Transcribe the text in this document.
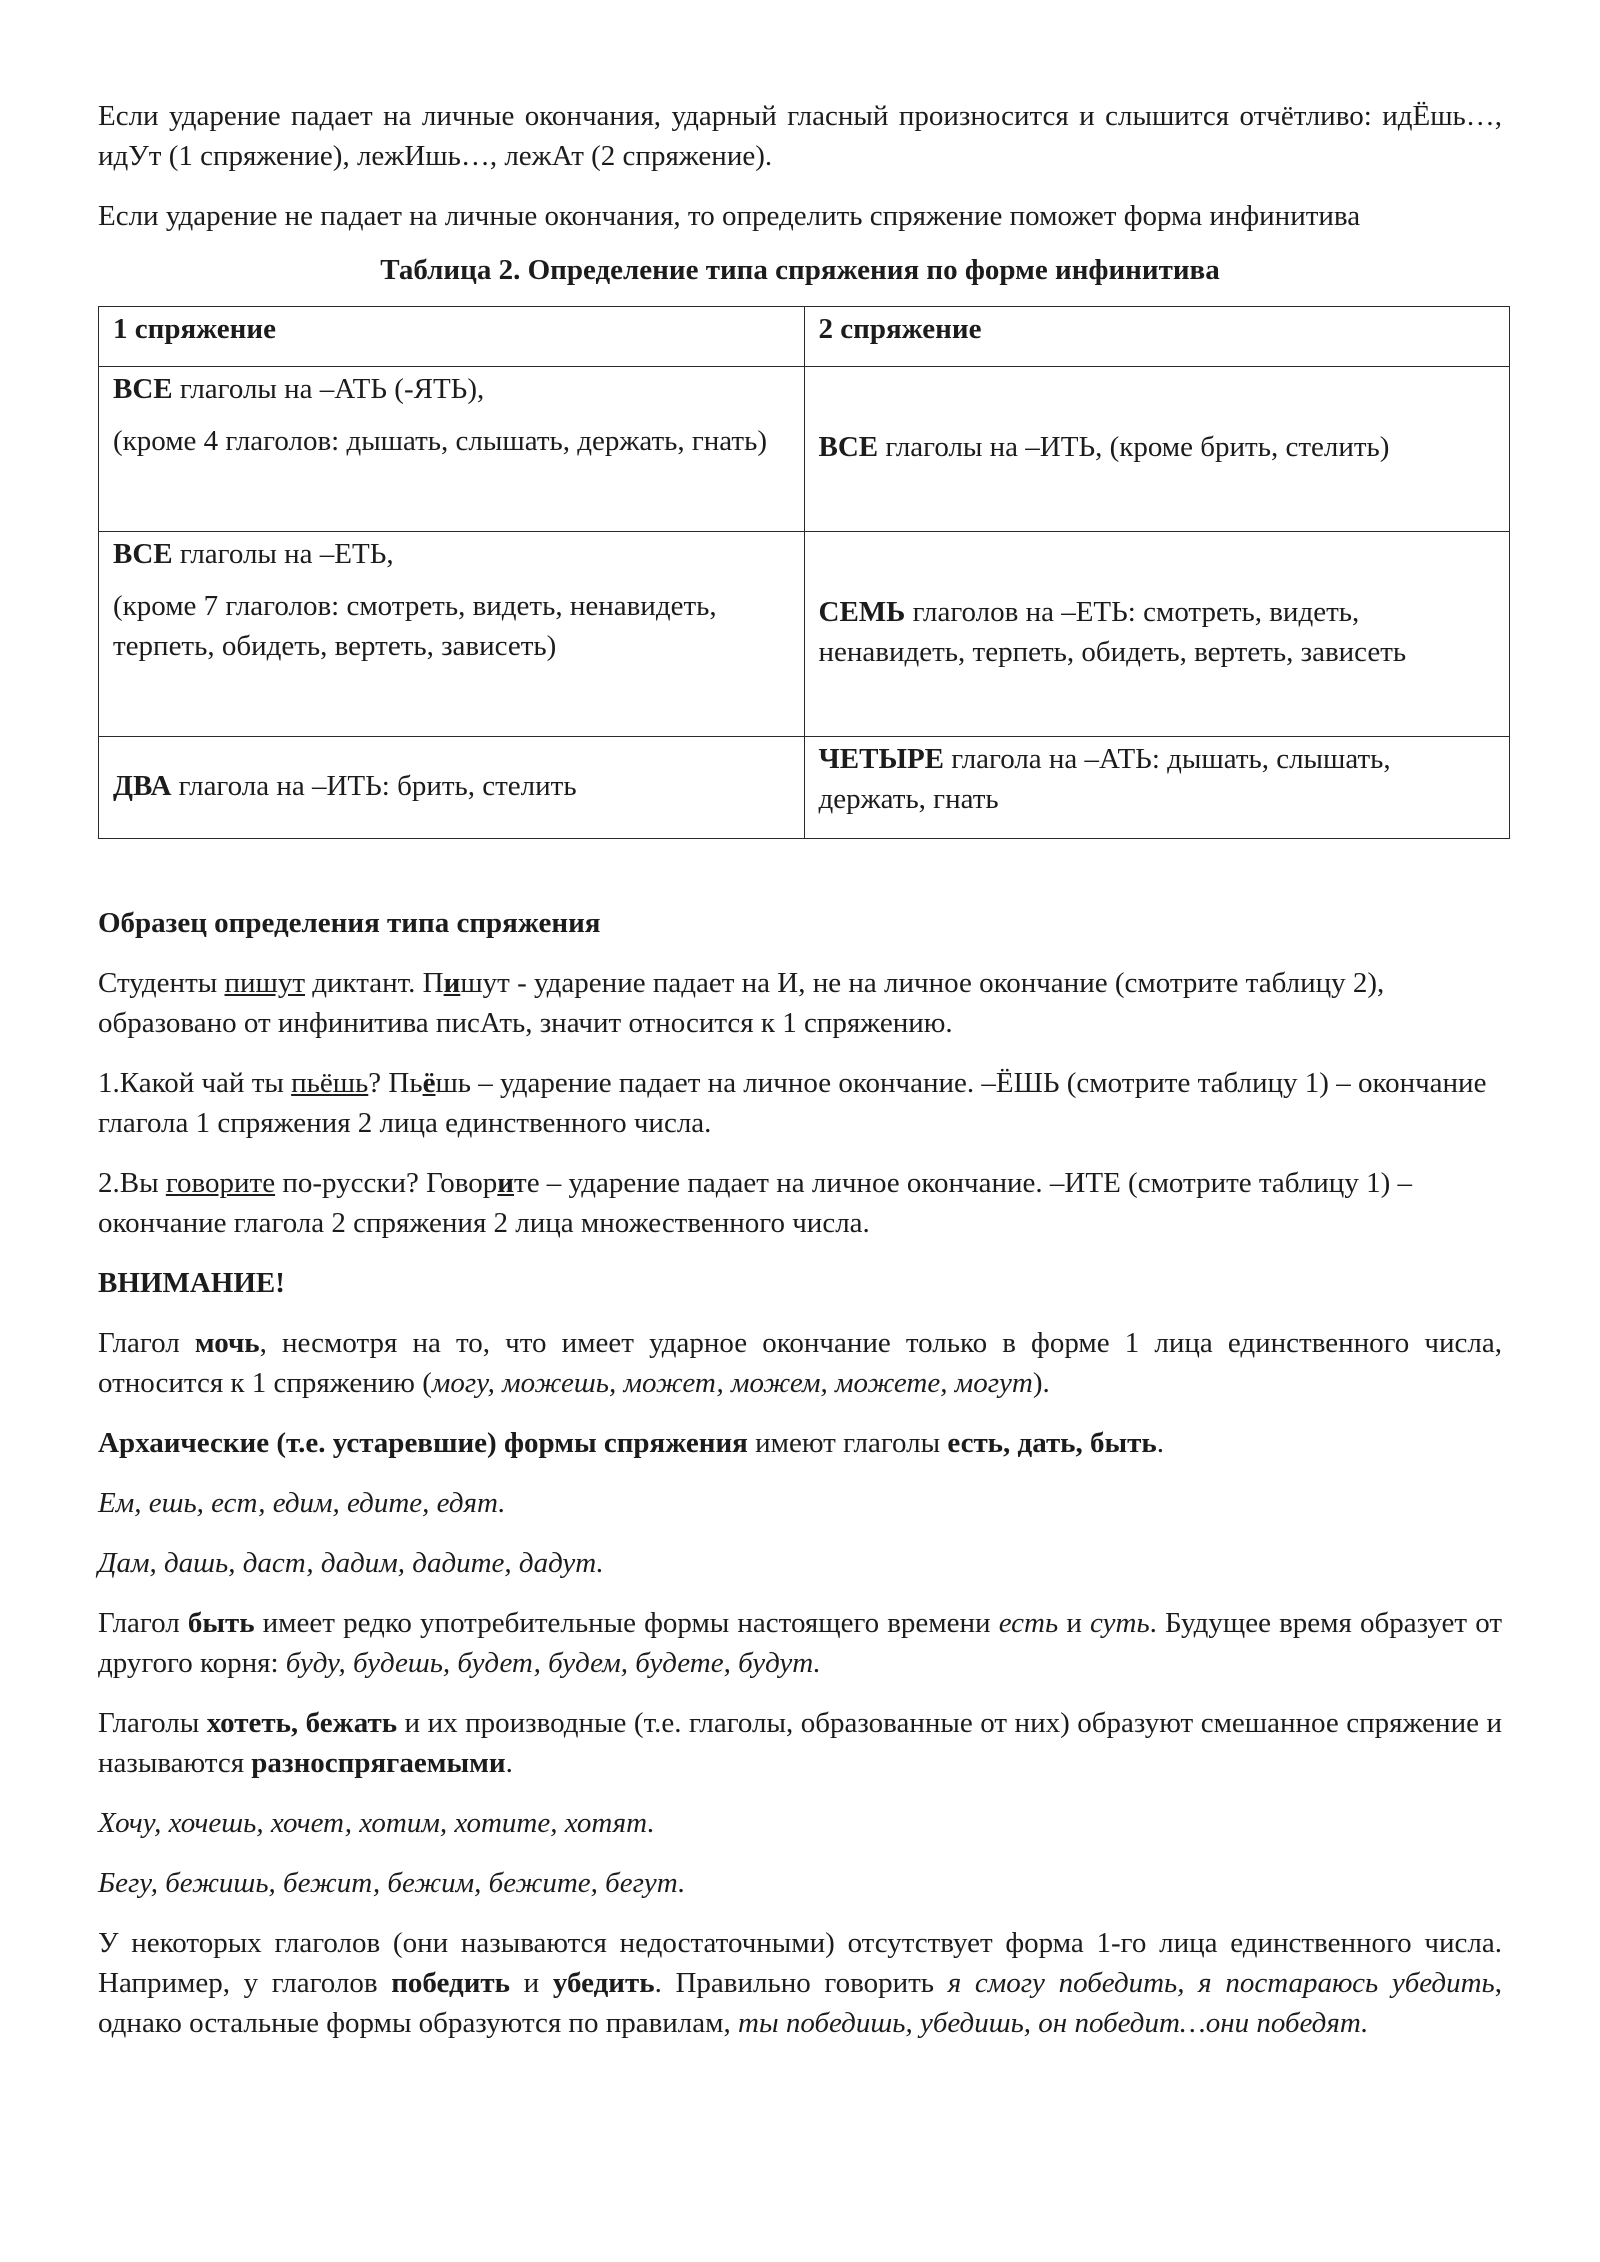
Если ударение падает на личные окончания, ударный гласный произносится и слышится отчётливо: идЁшь…, идУт (1 спряжение), лежИшь…, лежАт (2 спряжение).

Если ударение не падает на личные окончания, то определить спряжение поможет форма инфинитива

Таблица 2. Определение типа спряжения по форме инфинитива

1 спряжение	2 спряжение

ВСЕ глаголы на –АТЬ (-ЯТЬ),
(кроме 4 глаголов: дышать, слышать, держать, гнать)	ВСЕ глаголы на –ИТЬ, (кроме брить, стелить)

ВСЕ глаголы на –ЕТЬ,
(кроме 7 глаголов: смотреть, видеть, ненавидеть, терпеть, обидеть, вертеть, зависеть)	СЕМЬ глаголов на –ЕТЬ: смотреть, видеть, ненавидеть, терпеть, обидеть, вертеть, зависеть
ДВА глагола на –ИТЬ: брить, стелить	ЧЕТЫРЕ глагола на –АТЬ: дышать, слышать, держать, гнать

Образец определения типа спряжения

Студенты пишут диктант. Пишут - ударение падает на И, не на личное окончание (смотрите таблицу 2), образовано от инфинитива писАть, значит относится к 1 спряжению.

1.Какой чай ты пьёшь? Пьёшь – ударение падает на личное окончание. –ЁШЬ (смотрите таблицу 1) – окончание глагола 1 спряжения 2 лица единственного числа.

2.Вы говорите по-русски? Говорите – ударение падает на личное окончание. –ИТЕ (смотрите таблицу 1) – окончание глагола 2 спряжения 2 лица множественного числа.

ВНИМАНИЕ!

Глагол мочь, несмотря на то, что имеет ударное окончание только в форме 1 лица единственного числа, относится к 1 спряжению (могу, можешь, может, можем, можете, могут).

Архаические (т.е. устаревшие) формы спряжения имеют глаголы есть, дать, быть.

Ем, ешь, ест, едим, едите, едят.

Дам, дашь, даст, дадим, дадите, дадут.

Глагол быть имеет редко употребительные формы настоящего времени есть и суть. Будущее время образует от другого корня: буду, будешь, будет, будем, будете, будут.

Глаголы хотеть, бежать и их производные (т.е. глаголы, образованные от них) образуют смешанное спряжение и называются разноспрягаемыми.

Хочу, хочешь, хочет, хотим, хотите, хотят.

Бегу, бежишь, бежит, бежим, бежите, бегут.

У некоторых глаголов (они называются недостаточными) отсутствует форма 1-го лица единственного числа. Например, у глаголов победить и убедить. Правильно говорить я смогу победить, я постараюсь убедить, однако остальные формы образуются по правилам, ты победишь, убедишь, он победит…они победят.
